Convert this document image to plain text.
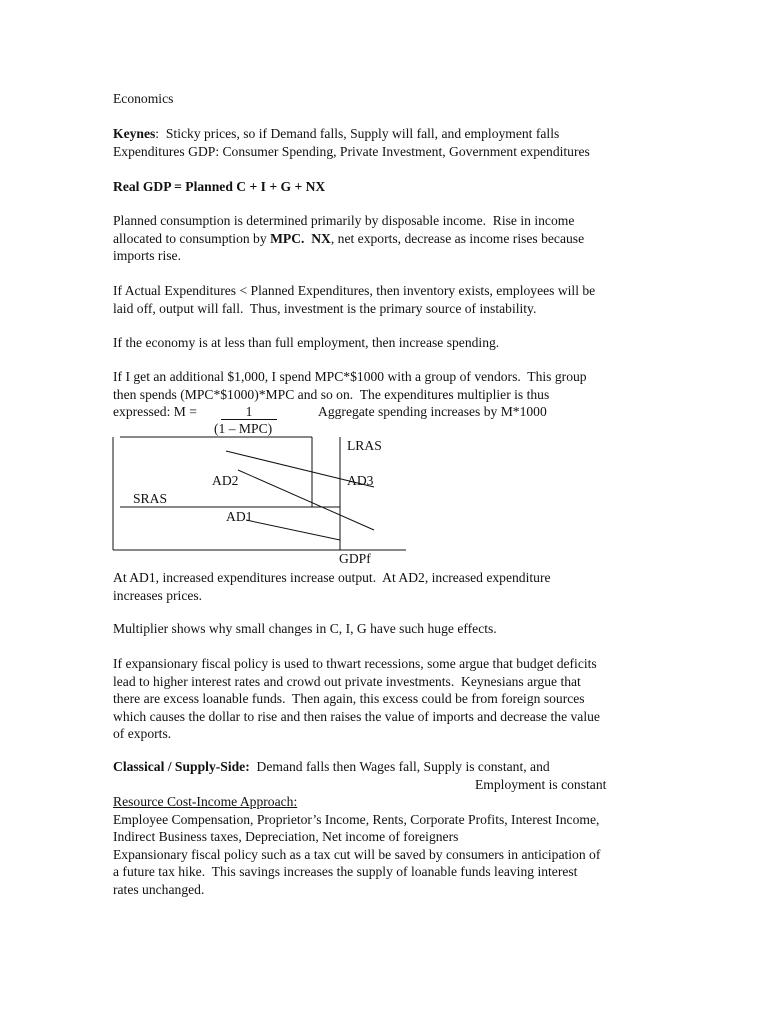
Economics
Keynes:  Sticky prices, so if Demand falls, Supply will fall, and employment falls
Expenditures GDP: Consumer Spending, Private Investment, Government expenditures
Real GDP = Planned C + I + G + NX
Planned consumption is determined primarily by disposable income.  Rise in income
allocated to consumption by MPC. NX, net exports, decrease as income rises because
imports rise.
If Actual Expenditures < Planned Expenditures, then inventory exists, employees will be
laid off, output will fall.  Thus, investment is the primary source of instability.
If the economy is at less than full employment, then increase spending.
If I get an additional $1,000, I spend MPC*$1000 with a group of vendors.  This group
then spends (MPC*$1000)*MPC and so on.  The expenditures multiplier is thus
expressed: M =	1	Aggregate spending increases by M*1000
(1 – MPC)
LRAS
AD2	AD3
SRAS
AD1
GDPf
At AD1, increased expenditures increase output.  At AD2, increased expenditure
increases prices.
Multiplier shows why small changes in C, I, G have such huge effects.
If expansionary fiscal policy is used to thwart recessions, some argue that budget deficits
lead to higher interest rates and crowd out private investments.  Keynesians argue that
there are excess loanable funds.  Then again, this excess could be from foreign sources
which causes the dollar to rise and then raises the value of imports and decrease the value
of exports.
Classical / Supply-Side:  Demand falls then Wages fall, Supply is constant, and
Employment is constant
Resource Cost-Income Approach:
Employee Compensation, Proprietor’s Income, Rents, Corporate Profits, Interest Income,
Indirect Business taxes, Depreciation, Net income of foreigners
Expansionary fiscal policy such as a tax cut will be saved by consumers in anticipation of
a future tax hike.  This savings increases the supply of loanable funds leaving interest
rates unchanged.
